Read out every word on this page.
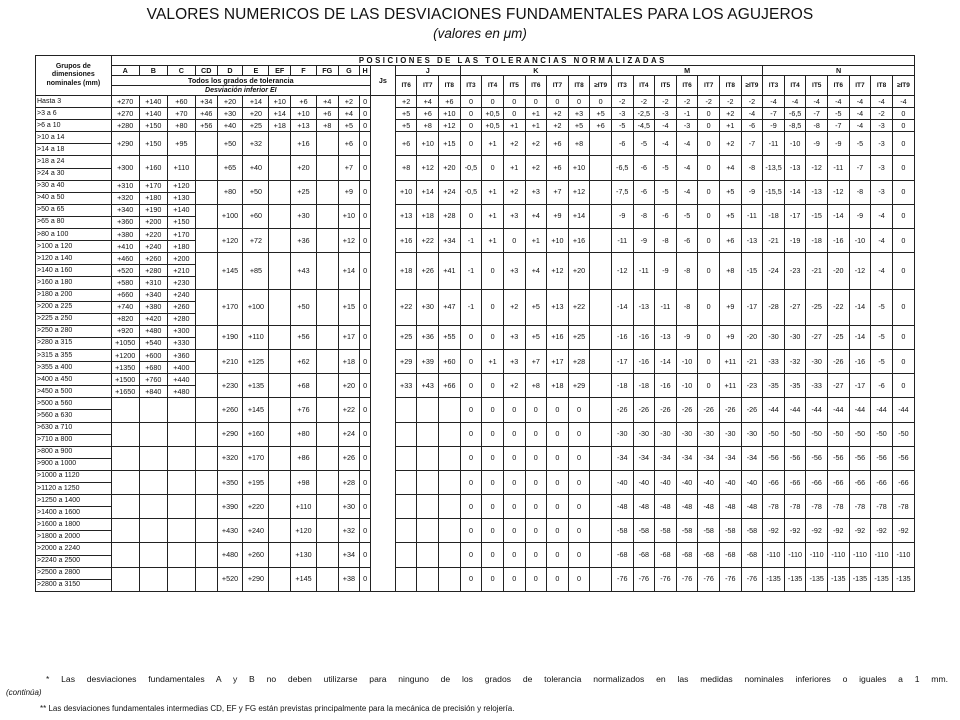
VALORES NUMERICOS DE LAS DESVIACIONES FUNDAMENTALES PARA LOS AGUJEROS
(valores en μm)
Grupos de dimensiones nominales (mm)	POSICIONES DE LAS TOLERANCIAS NORMALIZADAS																																			
	A	B	C	CD	D	E	EF	F	FG	G	H	Js	J			K							M							N						
	Todos los grados de tolerancia												IT6	IT7	IT8	IT3	IT4	IT5	IT6	IT7	IT8	≥IT9	IT3	IT4	IT5	IT6	IT7	IT8	≥IT9	IT3	IT4	IT5	IT6	IT7	IT8	≥IT9
	Desviación inferior EI																																			
Hasta 3	+270	+140	+60	+34	+20	+14	+10	+6	+4	+2	0		+2	+4	+6	0	0	0	0	0	0	0	-2	-2	-2	-2	-2	-2	-2	-4	-4	-4	-4	-4	-4	-4
>3 a 6	+270	+140	+70	+46	+30	+20	+14	+10	+6	+4	0		+5	+6	+10	0	+0,5	0	+1	+2	+3	+5	-3	-2,5	-3	-1	0	+2	-4	-7	-6,5	-7	-5	-4	-2	0
>6 a 10	+280	+150	+80	+56	+40	+25	+18	+13	+8	+5	0		+5	+8	+12	0	+0,5	+1	+1	+2	+5	+6	-5	-4,5	-4	-3	0	+1	-6	-9	-8,5	-8	-7	-4	-3	0
>10 a 14	+290	+150	+95		+50	+32		+16		+6	0		+6	+10	+15	0	+1	+2	+2	+6	+8		-6	-5	-4	-4	0	+2	-7	-11	-10	-9	-9	-5	-3	0
>14 a 18																																				
>18 a 24	+300	+160	+110		+65	+40		+20		+7	0		+8	+12	+20	-0,5	0	+1	+2	+6	+10		-6,5	-6	-5	-4	0	+4	-8	-13,5	-13	-12	-11	-7	-3	0
>24 a 30																																				
>30 a 40	+310	+170	+120		+80	+50		+25		+9	0		+10	+14	+24	-0,5	+1	+2	+3	+7	+12		-7,5	-6	-5	-4	0	+5	-9	-15,5	-14	-13	-12	-8	-3	0
>40 a 50	+320	+180	+130																																	
>50 a 65	+340	+190	+140		+100	+60		+30		+10	0		+13	+18	+28	0	+1	+3	+4	+9	+14		-9	-8	-6	-5	0	+5	-11	-18	-17	-15	-14	-9	-4	0
>65 a 80	+360	+200	+150																																	
>80 a 100	+380	+220	+170		+120	+72		+36		+12	0		+16	+22	+34	-1	+1	0	+1	+10	+16		-11	-9	-8	-6	0	+6	-13	-21	-19	-18	-16	-10	-4	0
>100 a 120	+410	+240	+180																																	
>120 a 140	+460	+260	+200		+145	+85		+43		+14	0		+18	+26	+41	-1	0	+3	+4	+12	+20		-12	-11	-9	-8	0	+8	-15	-24	-23	-21	-20	-12	-4	0
>140 a 160	+520	+280	+210																																	
>160 a 180	+580	+310	+230																																	
>180 a 200	+660	+340	+240		+170	+100		+50		+15	0		+22	+30	+47	-1	0	+2	+5	+13	+22		-14	-13	-11	-8	0	+9	-17	-28	-27	-25	-22	-14	-5	0
>200 a 225	+740	+380	+260																																	
>225 a 250	+820	+420	+280																																	
>250 a 280	+920	+480	+300		+190	+110		+56		+17	0		+25	+36	+55	0	0	+3	+5	+16	+25		-16	-16	-13	-9	0	+9	-20	-30	-30	-27	-25	-14	-5	0
>280 a 315	+1050	+540	+330																																	
>315 a 355	+1200	+600	+360		+210	+125		+62		+18	0		+29	+39	+60	0	+1	+3	+7	+17	+28		-17	-16	-14	-10	0	+11	-21	-33	-32	-30	-26	-16	-5	0
>355 a 400	+1350	+680	+400																																	
>400 a 450	+1500	+760	+440		+230	+135		+68		+20	0		+33	+43	+66	0	0	+2	+8	+18	+29		-18	-18	-16	-10	0	+11	-23	-35	-35	-33	-27	-17	-6	0
>450 a 500	+1650	+840	+480																																	
>500 a 560					+260	+145		+76		+22	0					0	0	0	0	0	0		-26	-26	-26	-26	-26	-26	-26	-44	-44	-44	-44	-44	-44	-44
>560 a 630																																				
>630 a 710					+290	+160		+80		+24	0					0	0	0	0	0	0		-30	-30	-30	-30	-30	-30	-30	-50	-50	-50	-50	-50	-50	-50
>710 a 800																																				
>800 a 900					+320	+170		+86		+26	0					0	0	0	0	0	0		-34	-34	-34	-34	-34	-34	-34	-56	-56	-56	-56	-56	-56	-56
>900 a 1000																																				
>1000 a 1120					+350	+195		+98		+28	0					0	0	0	0	0	0		-40	-40	-40	-40	-40	-40	-40	-66	-66	-66	-66	-66	-66	-66
>1120 a 1250																																				
>1250 a 1400					+390	+220		+110		+30	0					0	0	0	0	0	0		-48	-48	-48	-48	-48	-48	-48	-78	-78	-78	-78	-78	-78	-78
>1400 a 1600																																				
>1600 a 1800					+430	+240		+120		+32	0					0	0	0	0	0	0		-58	-58	-58	-58	-58	-58	-58	-92	-92	-92	-92	-92	-92	-92
>1800 a 2000																																				
>2000 a 2240					+480	+260		+130		+34	0					0	0	0	0	0	0		-68	-68	-68	-68	-68	-68	-68	-110	-110	-110	-110	-110	-110	-110
>2240 a 2500																																				
>2500 a 2800					+520	+290		+145		+38	0					0	0	0	0	0	0		-76	-76	-76	-76	-76	-76	-76	-135	-135	-135	-135	-135	-135	-135
>2800 a 3150																																				
* Las desviaciones fundamentales A y B no deben utilizarse para ninguno de los grados de tolerancia normalizados en las medidas nominales inferiores o iguales a 1 mm.
(continúa)
** Las desviaciones fundamentales intermedias CD, EF y FG están previstas principalmente para la mecánica de precisión y relojería.
